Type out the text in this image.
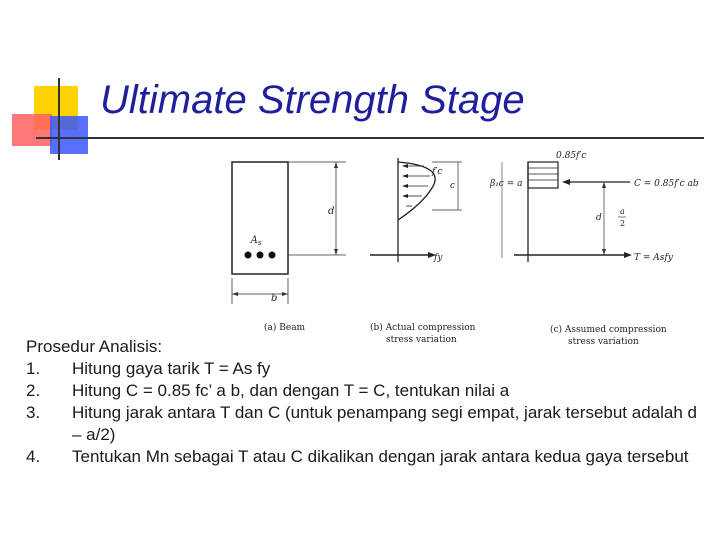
Ultimate Strength Stage
$A_s$
b
d
fy
f′c
c
0.85f′c
β₁c = a	C = 0.85f′c ab
T = Asfy
d
a
2
(a) Beam	(b) Actual compression
stress variation
(c) Assumed compression
stress variation
Prosedur Analisis:
1.	Hitung gaya tarik T = As fy
2.	Hitung C = 0.85 fc’ a b, dan dengan T = C, tentukan nilai a
3.	Hitung jarak antara T dan C (untuk penampang segi empat, jarak tersebut adalah d – a/2)
4.	Tentukan Mn sebagai T atau C dikalikan dengan jarak antara kedua gaya tersebut
